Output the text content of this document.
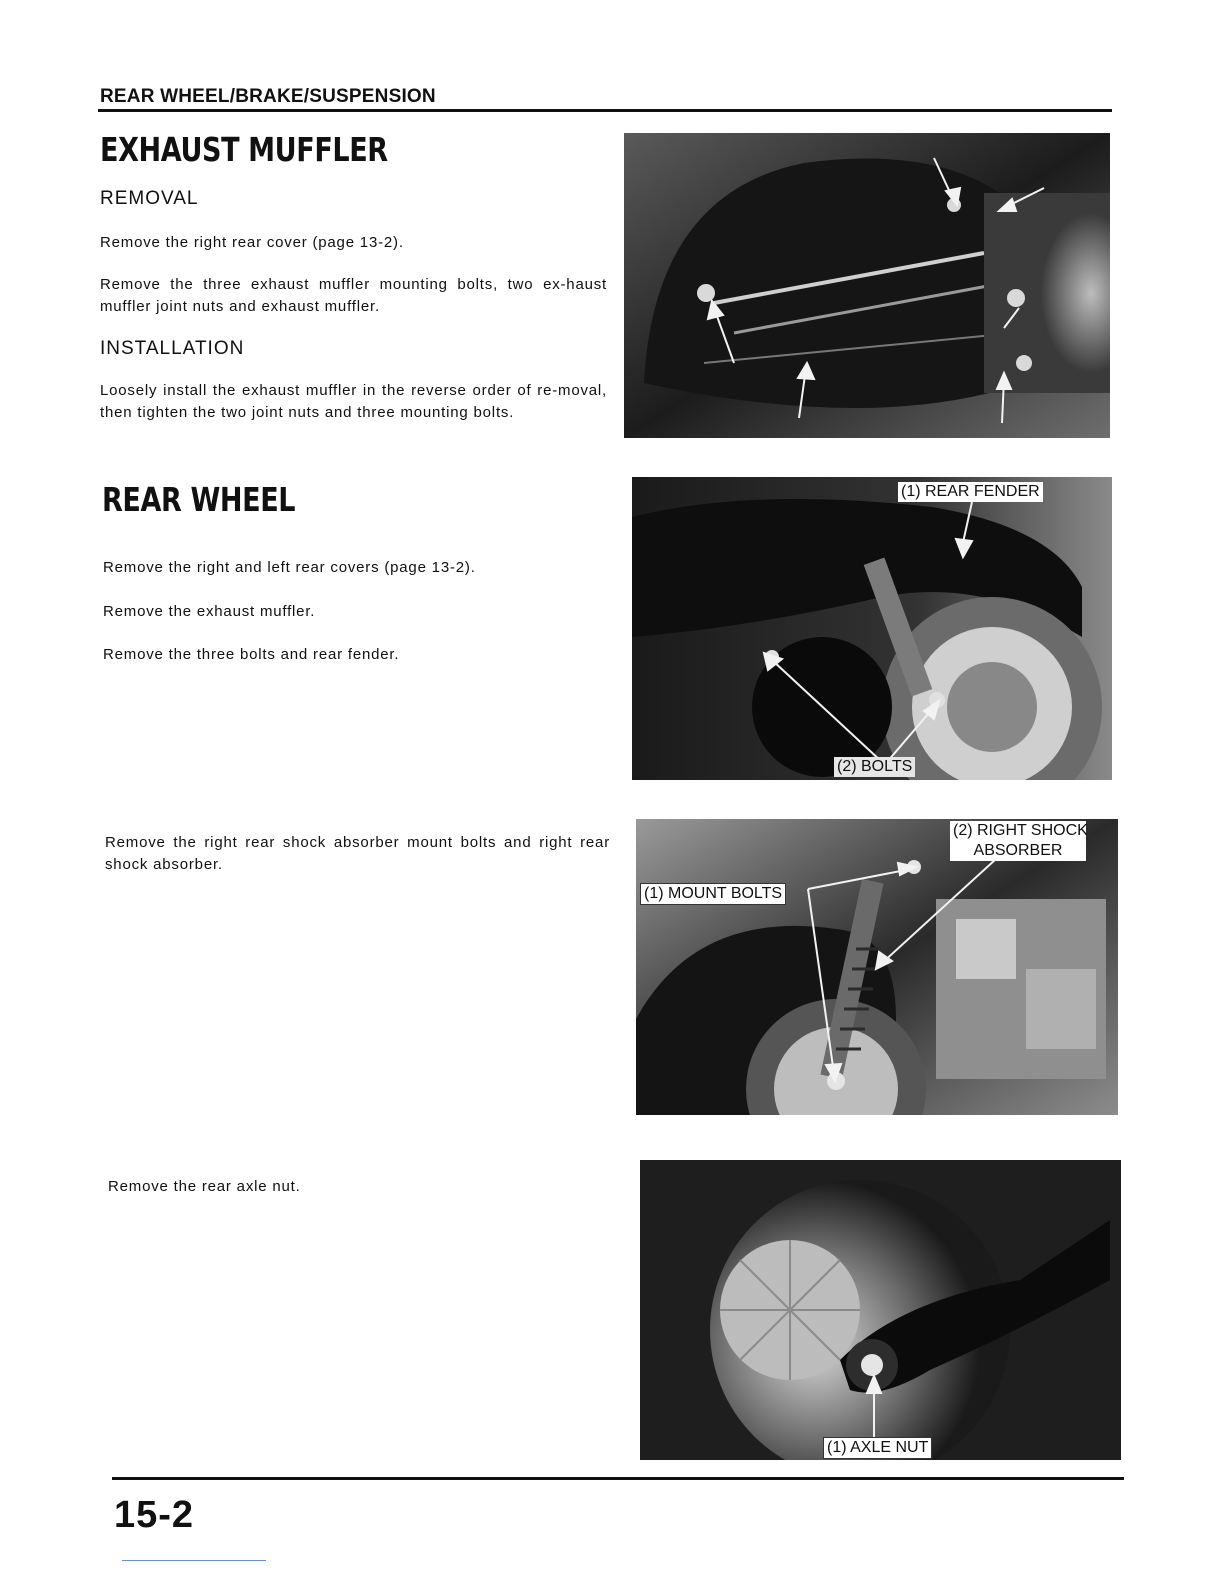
REAR WHEEL/BRAKE/SUSPENSION
EXHAUST MUFFLER
REMOVAL
Remove the right rear cover (page 13-2).
Remove the three exhaust muffler mounting bolts, two ex-haust muffler joint nuts and exhaust muffler.
INSTALLATION
Loosely install the exhaust muffler in the reverse order of re-moval, then tighten the two joint nuts and three mounting bolts.
REAR WHEEL
Remove the right and left rear covers (page 13-2).
Remove the exhaust muffler.
Remove the three bolts and rear fender.
Remove the right rear shock absorber mount bolts and right rear shock absorber.
Remove the rear axle nut.
(1) REAR FENDER
(2) BOLTS
(1) MOUNT BOLTS
(2) RIGHT SHOCK
ABSORBER
(1) AXLE NUT
15-2
